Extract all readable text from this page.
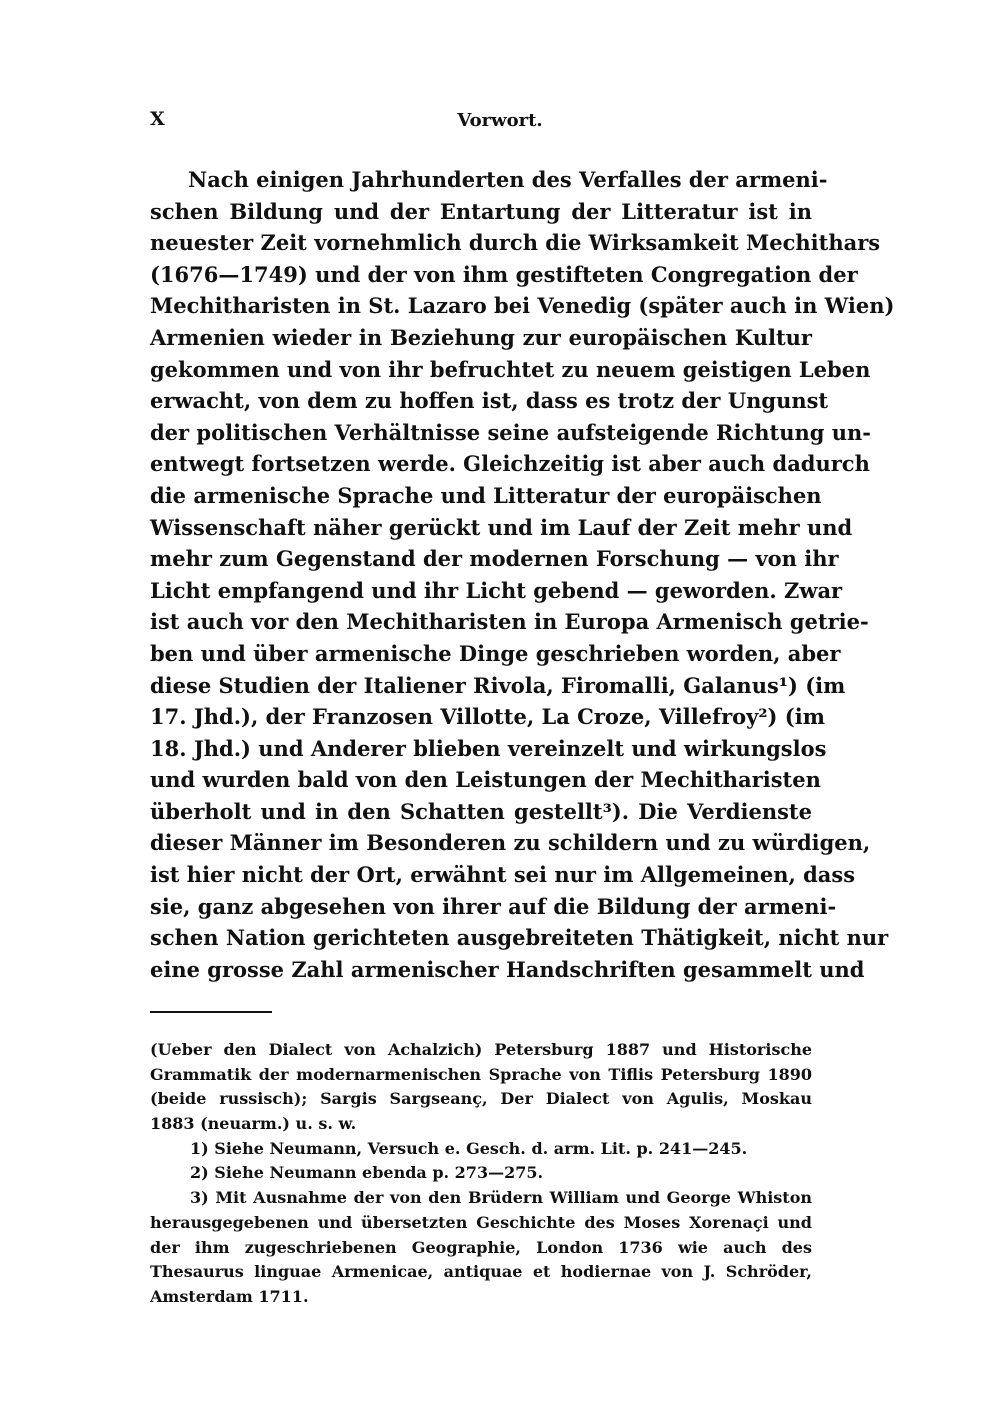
X	Vorwort.
Nach einigen Jahrhunderten des Verfalles der armeni-
schen Bildung und der Entartung der Litteratur ist in
neuester Zeit vornehmlich durch die Wirksamkeit Mechithars
(1676—1749) und der von ihm gestifteten Congregation der
Mechitharisten in St. Lazaro bei Venedig (später auch in Wien)
Armenien wieder in Beziehung zur europäischen Kultur
gekommen und von ihr befruchtet zu neuem geistigen Leben
erwacht, von dem zu hoffen ist, dass es trotz der Ungunst
der politischen Verhältnisse seine aufsteigende Richtung un-
entwegt fortsetzen werde. Gleichzeitig ist aber auch dadurch
die armenische Sprache und Litteratur der europäischen
Wissenschaft näher gerückt und im Lauf der Zeit mehr und
mehr zum Gegenstand der modernen Forschung — von ihr
Licht empfangend und ihr Licht gebend — geworden. Zwar
ist auch vor den Mechitharisten in Europa Armenisch getrie-
ben und über armenische Dinge geschrieben worden, aber
diese Studien der Italiener Rivola, Firomalli, Galanus¹) (im
17. Jhd.), der Franzosen Villotte, La Croze, Villefroy²) (im
18. Jhd.) und Anderer blieben vereinzelt und wirkungslos
und wurden bald von den Leistungen der Mechitharisten
überholt und in den Schatten gestellt³). Die Verdienste
dieser Männer im Besonderen zu schildern und zu würdigen,
ist hier nicht der Ort, erwähnt sei nur im Allgemeinen, dass
sie, ganz abgesehen von ihrer auf die Bildung der armeni-
schen Nation gerichteten ausgebreiteten Thätigkeit, nicht nur
eine grosse Zahl armenischer Handschriften gesammelt und
(Ueber den Dialect von Achalzich) Petersburg 1887 und Historische
Grammatik der modernarmenischen Sprache von Tiflis Petersburg 1890
(beide russisch); Sargis Sargseanç, Der Dialect von Agulis, Moskau
1883 (neuarm.) u. s. w.
1) Siehe Neumann, Versuch e. Gesch. d. arm. Lit. p. 241—245.
2) Siehe Neumann ebenda p. 273—275.
3) Mit Ausnahme der von den Brüdern William und George Whiston
herausgegebenen und übersetzten Geschichte des Moses Xorenaçi und
der ihm zugeschriebenen Geographie, London 1736 wie auch des
Thesaurus linguae Armenicae, antiquae et hodiernae von J. Schröder,
Amsterdam 1711.
